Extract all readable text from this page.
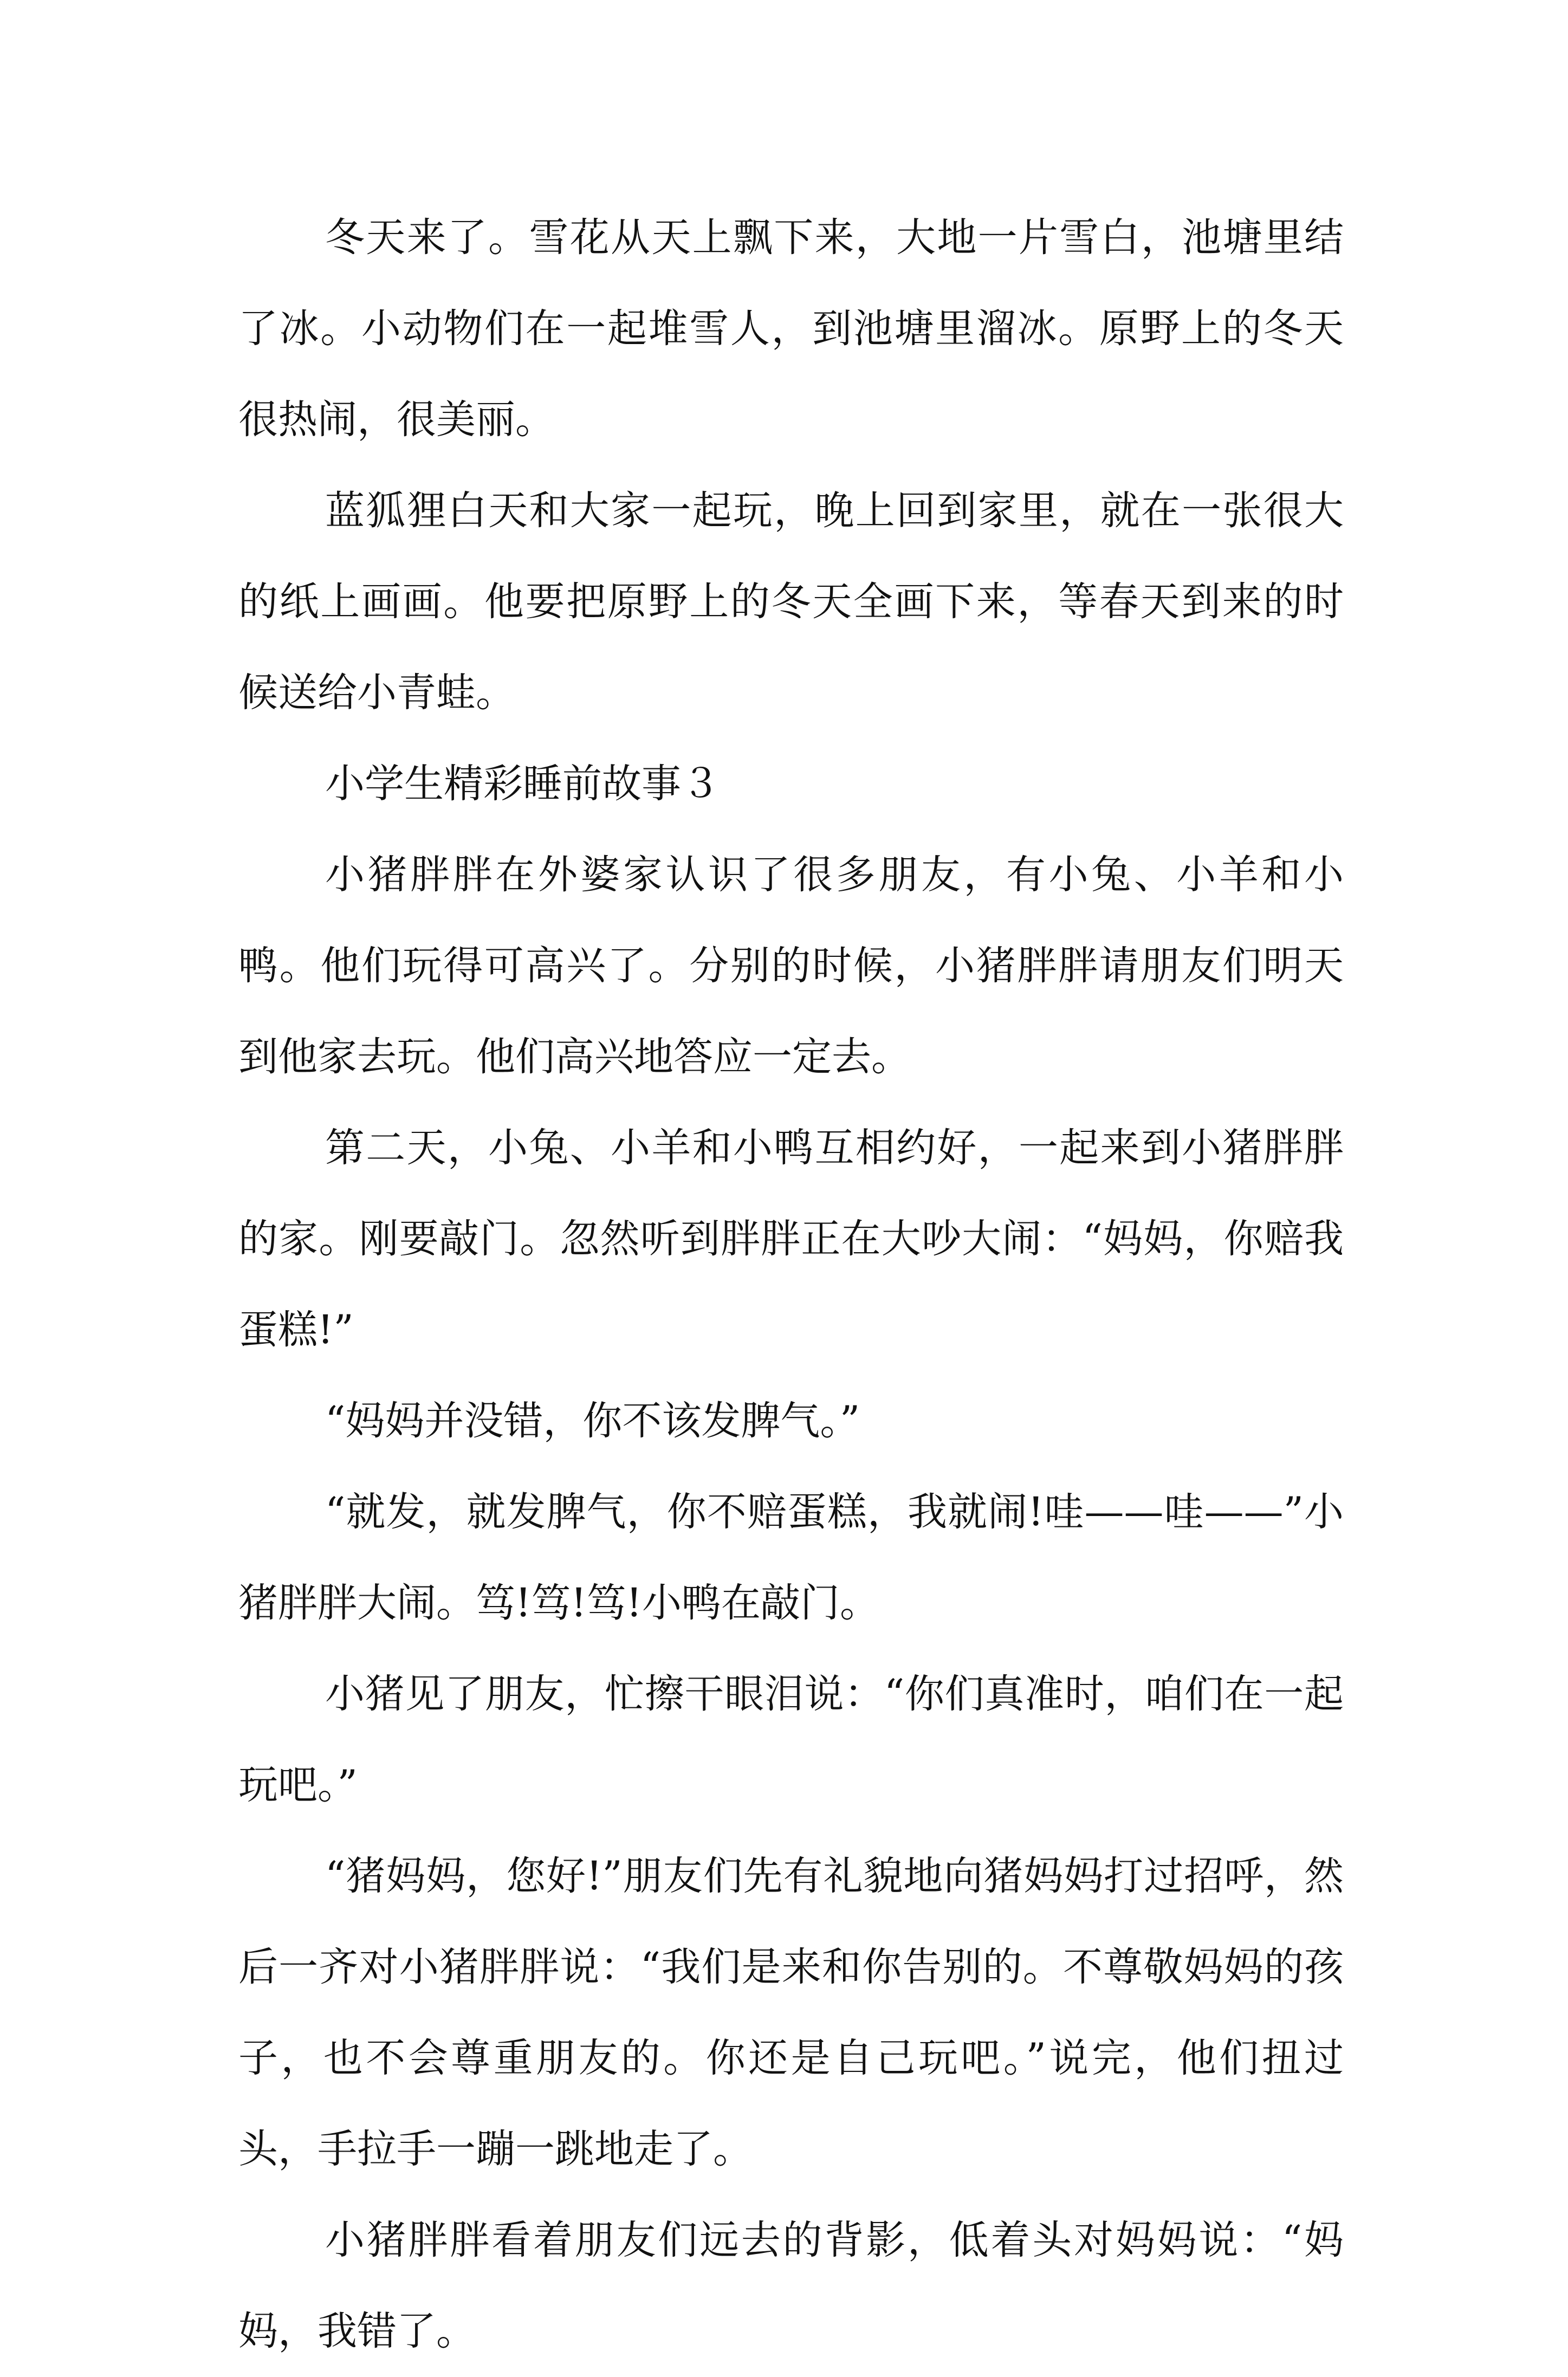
冬天来了。雪花从天上飘下来，大地一片雪白，池塘里结了冰。小动物们在一起堆雪人，到池塘里溜冰。原野上的冬天很热闹，很美丽。

蓝狐狸白天和大家一起玩，晚上回到家里，就在一张很大的纸上画画。他要把原野上的冬天全画下来，等春天到来的时候送给小青蛙。

小学生精彩睡前故事３

小猪胖胖在外婆家认识了很多朋友，有小兔、小羊和小鸭。他们玩得可高兴了。分别的时候，小猪胖胖请朋友们明天到他家去玩。他们高兴地答应一定去。

第二天，小兔、小羊和小鸭互相约好，一起来到小猪胖胖的家。刚要敲门。忽然听到胖胖正在大吵大闹：“妈妈，你赔我蛋糕!”

“妈妈并没错，你不该发脾气。”

“就发，就发脾气，你不赔蛋糕，我就闹!哇——哇——”小猪胖胖大闹。笃!笃!笃!小鸭在敲门。

小猪见了朋友，忙擦干眼泪说：“你们真准时，咱们在一起玩吧。”

“猪妈妈，您好!”朋友们先有礼貌地向猪妈妈打过招呼，然后一齐对小猪胖胖说：“我们是来和你告别的。不尊敬妈妈的孩子，也不会尊重朋友的。你还是自己玩吧。”说完，他们扭过头，手拉手一蹦一跳地走了。

小猪胖胖看着朋友们远去的背影，低着头对妈妈说：“妈妈，我错了。
